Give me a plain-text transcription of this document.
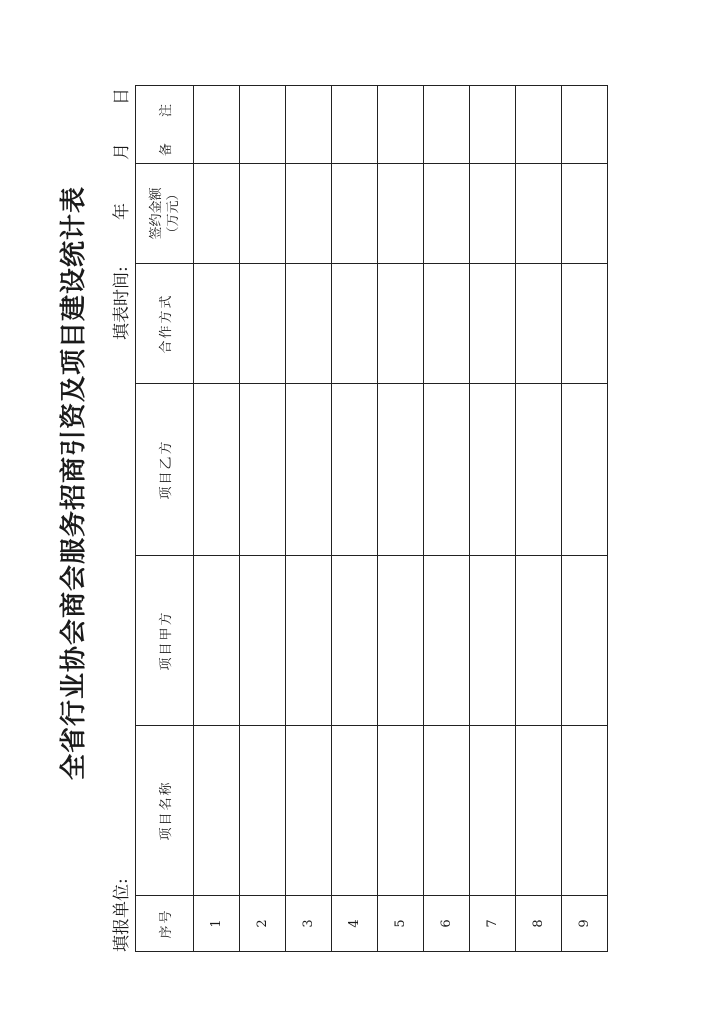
全省行业协会商会服务招商引资及项目建设统计表
填报单位:
填表时间:
年
月
日
序号	项目名称	项目甲方	项目乙方	合作方式	签约金额 （万元）	备 注
1						
2						
3						
4						
5						
6						
7						
8						
9						
